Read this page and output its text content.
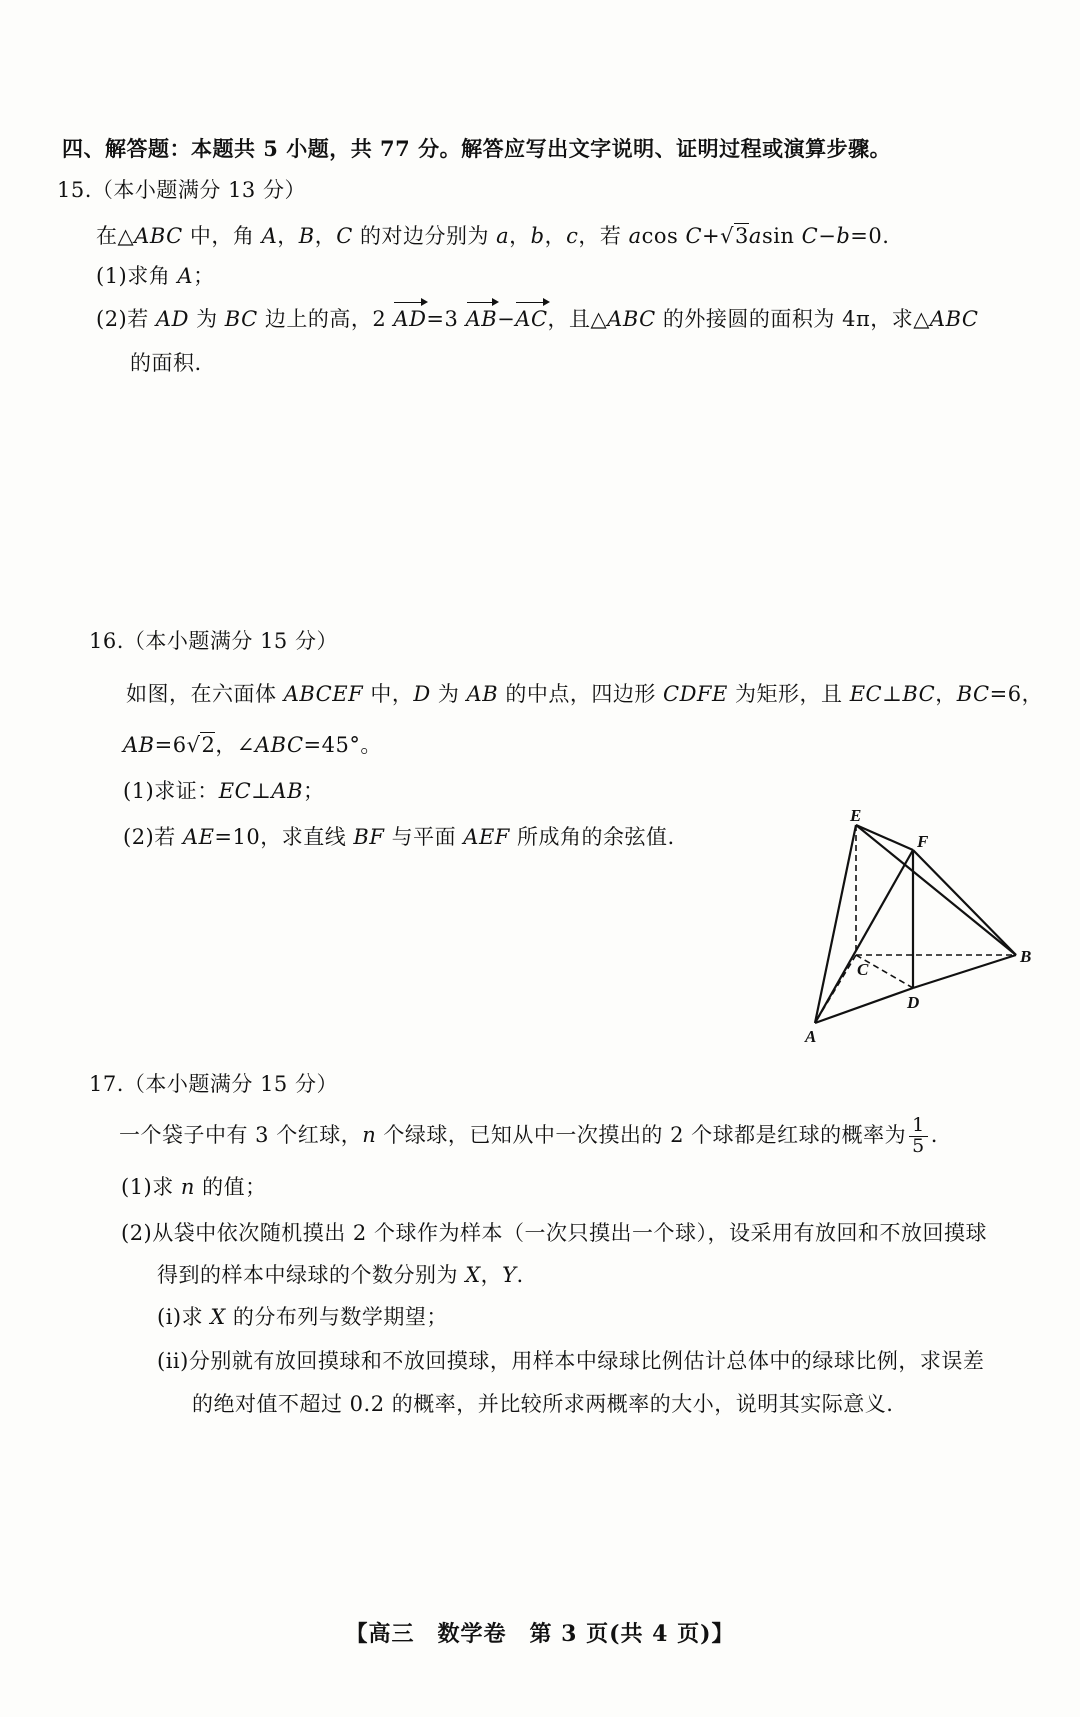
四、解答题：本题共 5 小题，共 77 分。解答应写出文字说明、证明过程或演算步骤。
15.（本小题满分 13 分）
在△ABC 中，角 A，B，C 的对边分别为 a，b，c，若 acos C+√3asin C−b=0.
(1)求角 A；
(2)若 AD 为 BC 边上的高，2 AD=3 AB−AC，且△ABC 的外接圆的面积为 4π，求△ABC
的面积.
16.（本小题满分 15 分）
如图，在六面体 ABCEF 中，D 为 AB 的中点，四边形 CDFE 为矩形，且 EC⊥BC，BC=6，
AB=6√2，∠ABC=45°。
(1)求证：EC⊥AB；
(2)若 AE=10，求直线 BF 与平面 AEF 所成角的余弦值.
E
F
C
B
D
A
17.（本小题满分 15 分）
一个袋子中有 3 个红球，n 个绿球，已知从中一次摸出的 2 个球都是红球的概率为 $\frac{1}{5}$ .
(1)求 n 的值；
(2)从袋中依次随机摸出 2 个球作为样本（一次只摸出一个球），设采用有放回和不放回摸球
得到的样本中绿球的个数分别为 X，Y.
(i)求 X 的分布列与数学期望；
(ii)分别就有放回摸球和不放回摸球，用样本中绿球比例估计总体中的绿球比例，求误差
的绝对值不超过 0.2 的概率，并比较所求两概率的大小，说明其实际意义.
【高三　数学卷　第 3 页(共 4 页)】
